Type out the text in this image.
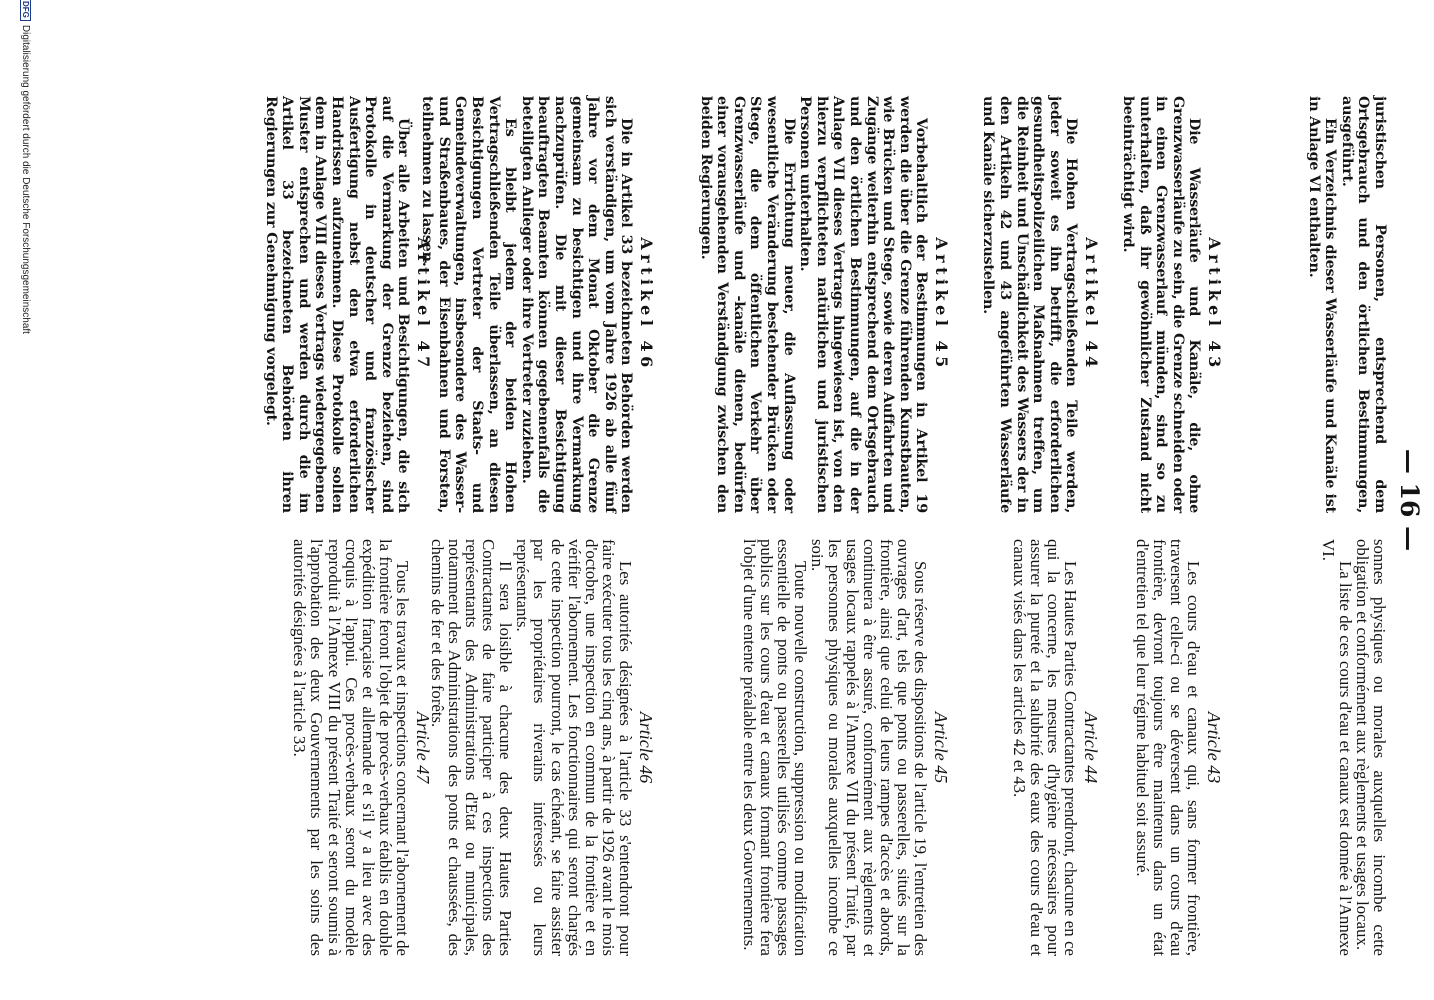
— 16 —

juristischen Personen, entsprechend dem Ortsgebrauch und den örtlichen Bestimmungen, ausgeführt.

Ein Verzeichnis dieser Wasserläufe und Kanäle ist in Anlage VI enthalten.

sonnes physiques ou morales auxquelles incombe cette obligation et conformément aux règlements et usages locaux.

La liste de ces cours d'eau et canaux est donnée à l'Annexe VI.

Artikel 43

Die Wasserläufe und Kanäle, die, ohne Grenzwasserläufe zu sein, die Grenze schneiden oder in einen Grenzwasserlauf münden, sind so zu unterhalten, daß ihr gewöhnlicher Zustand nicht beeinträchtigt wird.

Article 43

Les cours d'eau et canaux qui, sans former frontière, traversent celle-ci ou se déversent dans un cours d'eau frontière, devront toujours être maintenus dans un état d'entretien tel que leur régime habituel soit assuré.

Artikel 44

Die Hohen Vertragschließenden Teile werden, jeder soweit es ihn betrifft, die erforderlichen gesundheitspolizeilichen Maßnahmen treffen, um die Reinheit und Unschädlichkeit des Wassers der in den Artikeln 42 und 43 angeführten Wasserläufe und Kanäle sicherzustellen.

Article 44

Les Hautes Parties Contractantes prendront, chacune en ce qui la concerne, les mesures d'hygiène nécessaires pour assurer la pureté et la salubrité des eaux des cours d'eau et canaux visés dans les articles 42 et 43.

Artikel 45

Vorbehaltlich der Bestimmungen in Artikel 19 werden die über die Grenze führenden Kunstbauten, wie Brücken und Stege, sowie deren Auffahrten und Zugänge weiterhin entsprechend dem Ortsgebrauch und den örtlichen Bestimmungen, auf die in der Anlage VII dieses Vertrags hingewiesen ist, von den hierzu verpflichteten natürlichen und juristischen Personen unterhalten.

Die Errichtung neuer, die Auflassung oder wesentliche Veränderung bestehender Brücken oder Stege, die dem öffentlichen Verkehr über Grenzwasserläufe und -kanäle dienen, bedürfen einer vorausgehenden Verständigung zwischen den beiden Regierungen.

Article 45

Sous réserve des dispositions de l'article 19, l'entretien des ouvrages d'art, tels que ponts ou passerelles, situés sur la frontière, ainsi que celui de leurs rampes d'accès et abords, continuera à être assuré, conformément aux règlements et usages locaux rappelés à l'Annexe VII du présent Traité, par les personnes physiques ou morales auxquelles incombe ce soin.

Toute nouvelle construction, suppression ou modification essentielle de ponts ou passerelles utilisés comme passages publics sur les cours d'eau et canaux formant frontière fera l'objet d'une entente préalable entre les deux Gouvernements.

Artikel 46

Die in Artikel 33 bezeichneten Behörden werden sich verständigen, um vom Jahre 1926 ab alle fünf Jahre vor dem Monat Oktober die Grenze gemeinsam zu besichtigen und ihre Vermarkung nachzuprüfen. Die mit dieser Besichtigung beauftragten Beamten können gegebenenfalls die beteiligten Anlieger oder ihre Vertreter zuziehen.

Es bleibt jedem der beiden Hohen Vertragschließenden Teile überlassen, an diesen Besichtigungen Vertreter der Staats- und Gemeindeverwaltungen, insbesondere des Wasser- und Straßenbaues, der Eisenbahnen und Forsten, teilnehmen zu lassen.

Article 46

Les autorités désignées à l'article 33 s'entendront pour faire exécuter tous les cinq ans, à partir de 1926 avant le mois d'octobre, une inspection en commun de la frontière et en vérifier l'abornement. Les fonctionnaires qui seront chargés de cette inspection pourront, le cas échéant, se faire assister par les propriétaires riverains intéressés ou leurs représentants.

Il sera loisible à chacune des deux Hautes Parties Contractantes de faire participer à ces inspections des représentants des Administrations d'Etat ou municipales, notamment des Administrations des ponts et chaussées, des chemins de fer et des forêts.

Artikel 47

Über alle Arbeiten und Besichtigungen, die sich auf die Vermarkung der Grenze beziehen, sind Protokolle in deutscher und französischer Ausfertigung nebst den etwa erforderlichen Handrissen aufzunehmen. Diese Protokolle sollen dem in Anlage VIII dieses Vertrags wiedergegebenen Muster entsprechen und werden durch die im Artikel 33 bezeichneten Behörden ihren Regierungen zur Genehmigung vorgelegt.

Article 47

Tous les travaux et inspections concernant l'abornement de la frontière feront l'objet de procès-verbaux établis en double expédition française et allemande et s'il y a lieu avec des croquis à l'appui. Ces procès-verbaux seront du modèle reproduit à l'Annexe VIII du présent Traité et seront soumis à l'approbation des deux Gouvernements par les soins des autorités désignées à l'article 33.

DFGDigitalisierung gefördert durch die Deutsche Forschungsgemeinschaft
